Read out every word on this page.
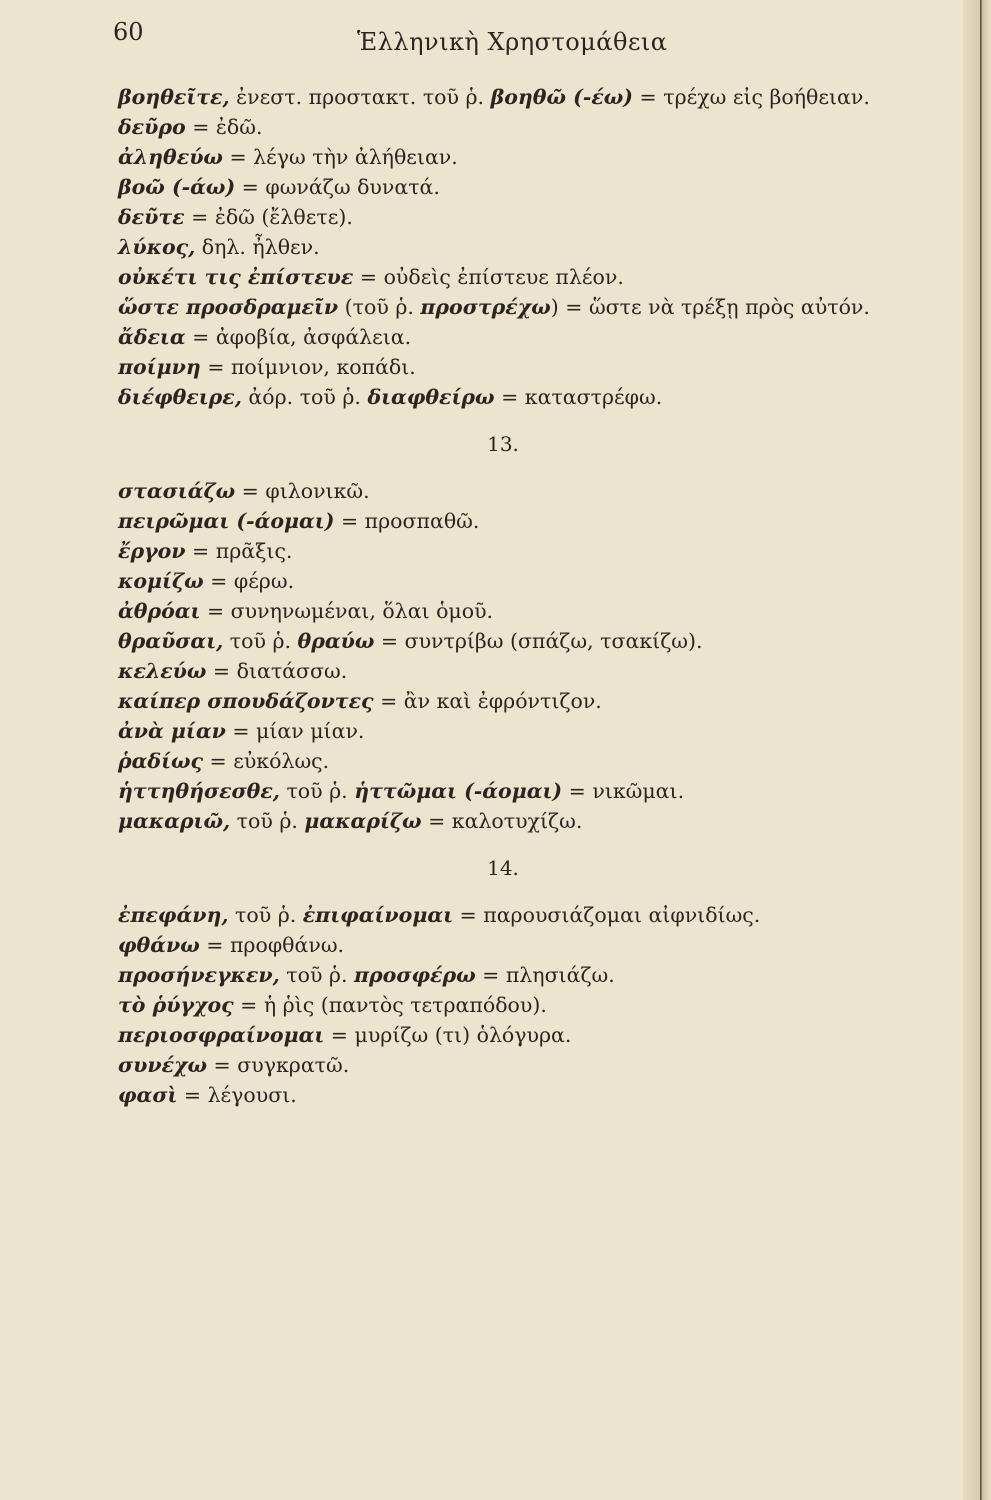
60	Ἑλληνικὴ Χρηστομάθεια
βοηθεῖτε, ἐνεστ. προστακτ. τοῦ ῥ. βοηθῶ (-έω) = τρέχω εἰς βοήθειαν.
δεῦρο = ἐδῶ.
ἀληθεύω = λέγω τὴν ἀλήθειαν.
βοῶ (-άω) = φωνάζω δυνατά.
δεῦτε = ἐδῶ (ἔλθετε).
λύκος, δηλ. ἦλθεν.
οὐκέτι τις ἐπίστευε = οὐδεὶς ἐπίστευε πλέον.
ὥστε προσδραμεῖν (τοῦ ῥ. προστρέχω) = ὥστε νὰ τρέξῃ πρὸς αὐτόν.
ἄδεια = ἀφοβία, ἀσφάλεια.
ποίμνη = ποίμνιον, κοπάδι.
διέφθειρε, ἀόρ. τοῦ ῥ. διαφθείρω = καταστρέφω.
13.
στασιάζω = φιλονικῶ.
πειρῶμαι (-άομαι) = προσπαθῶ.
ἔργον = πρᾶξις.
κομίζω = φέρω.
ἀθρόαι = συνηνωμέναι, ὅλαι ὁμοῦ.
θραῦσαι, τοῦ ῥ. θραύω = συντρίβω (σπάζω, τσακίζω).
κελεύω = διατάσσω.
καίπερ σπουδάζοντες = ἂν καὶ ἐφρόντιζον.
ἀνὰ μίαν = μίαν μίαν.
ῥαδίως = εὐκόλως.
ἡττηθήσεσθε, τοῦ ῥ. ἡττῶμαι (-άομαι) = νικῶμαι.
μακαριῶ, τοῦ ῥ. μακαρίζω = καλοτυχίζω.
14.
ἐπεφάνη, τοῦ ῥ. ἐπιφαίνομαι = παρουσιάζομαι αἰφνιδίως.
φθάνω = προφθάνω.
προσήνεγκεν, τοῦ ῥ. προσφέρω = πλησιάζω.
τὸ ῥύγχος = ἡ ῥὶς (παντὸς τετραπόδου).
περιοσφραίνομαι = μυρίζω (τι) ὁλόγυρα.
συνέχω = συγκρατῶ.
φασὶ = λέγουσι.
